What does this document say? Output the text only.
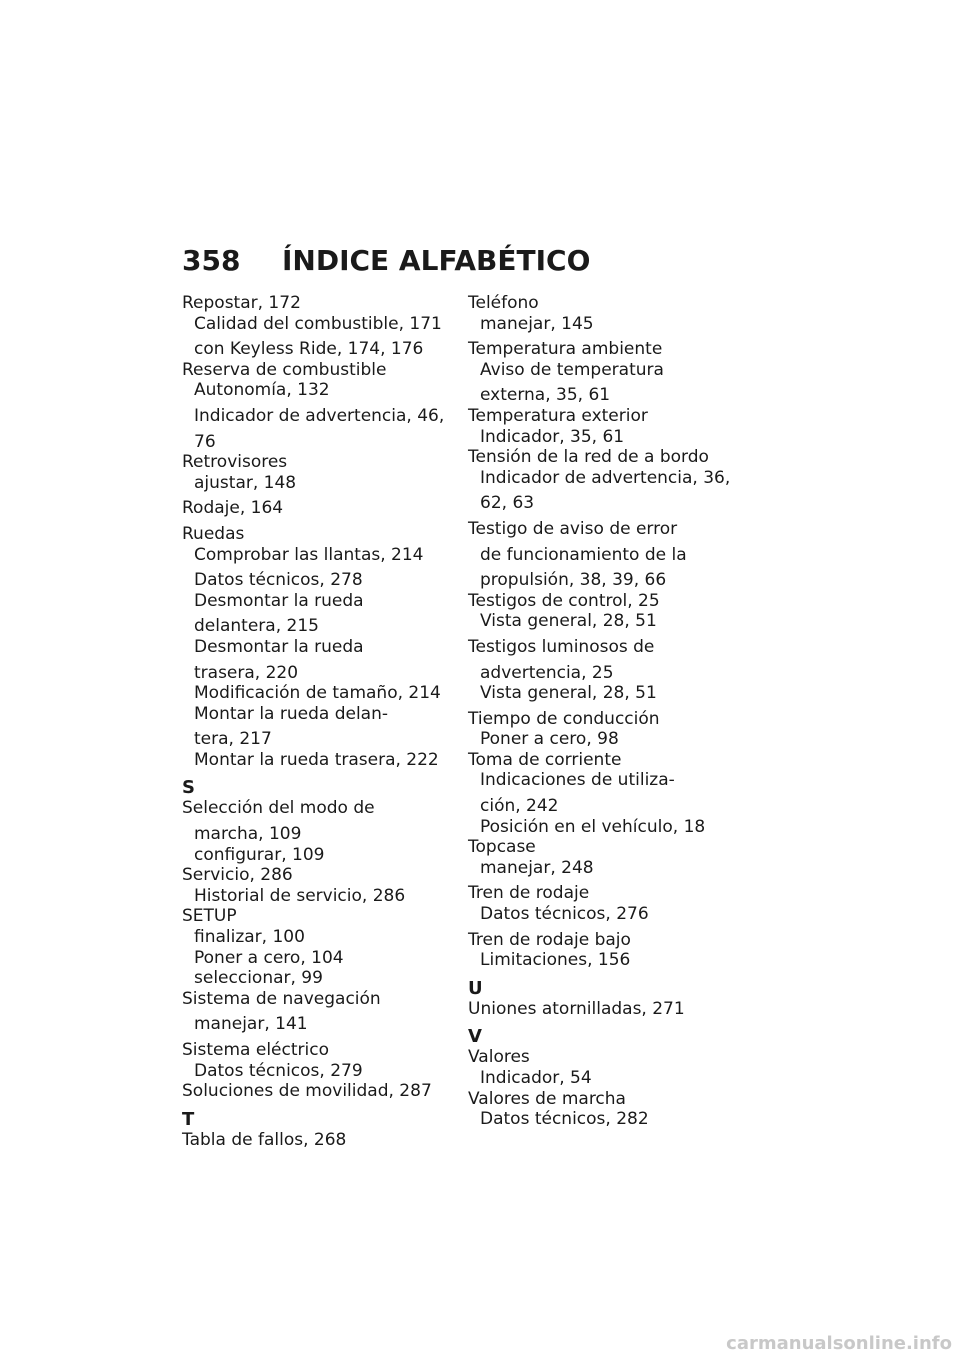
358 ÍNDICE ALFABÉTICO
Repostar, 172
Calidad del combustible, 171
con Keyless Ride, 174, 176
Reserva de combustible
Autonomía, 132
Indicador de advertencia, 46,
76
Retrovisores
ajustar, 148
Rodaje, 164
Ruedas
Comprobar las llantas, 214
Datos técnicos, 278
Desmontar la rueda
delantera, 215
Desmontar la rueda
trasera, 220
Modificación de tamaño, 214
Montar la rueda delan-
tera, 217
Montar la rueda trasera, 222
S
Selección del modo de
marcha, 109
configurar, 109
Servicio, 286
Historial de servicio, 286
SETUP
finalizar, 100
Poner a cero, 104
seleccionar, 99
Sistema de navegación
manejar, 141
Sistema eléctrico
Datos técnicos, 279
Soluciones de movilidad, 287
T
Tabla de fallos, 268
Teléfono
manejar, 145
Temperatura ambiente
Aviso de temperatura
externa, 35, 61
Temperatura exterior
Indicador, 35, 61
Tensión de la red de a bordo
Indicador de advertencia, 36,
62, 63
Testigo de aviso de error
de funcionamiento de la
propulsión, 38, 39, 66
Testigos de control, 25
Vista general, 28, 51
Testigos luminosos de
advertencia, 25
Vista general, 28, 51
Tiempo de conducción
Poner a cero, 98
Toma de corriente
Indicaciones de utiliza-
ción, 242
Posición en el vehículo, 18
Topcase
manejar, 248
Tren de rodaje
Datos técnicos, 276
Tren de rodaje bajo
Limitaciones, 156
U
Uniones atornilladas, 271
V
Valores
Indicador, 54
Valores de marcha
Datos técnicos, 282
carmanualsonline.info
